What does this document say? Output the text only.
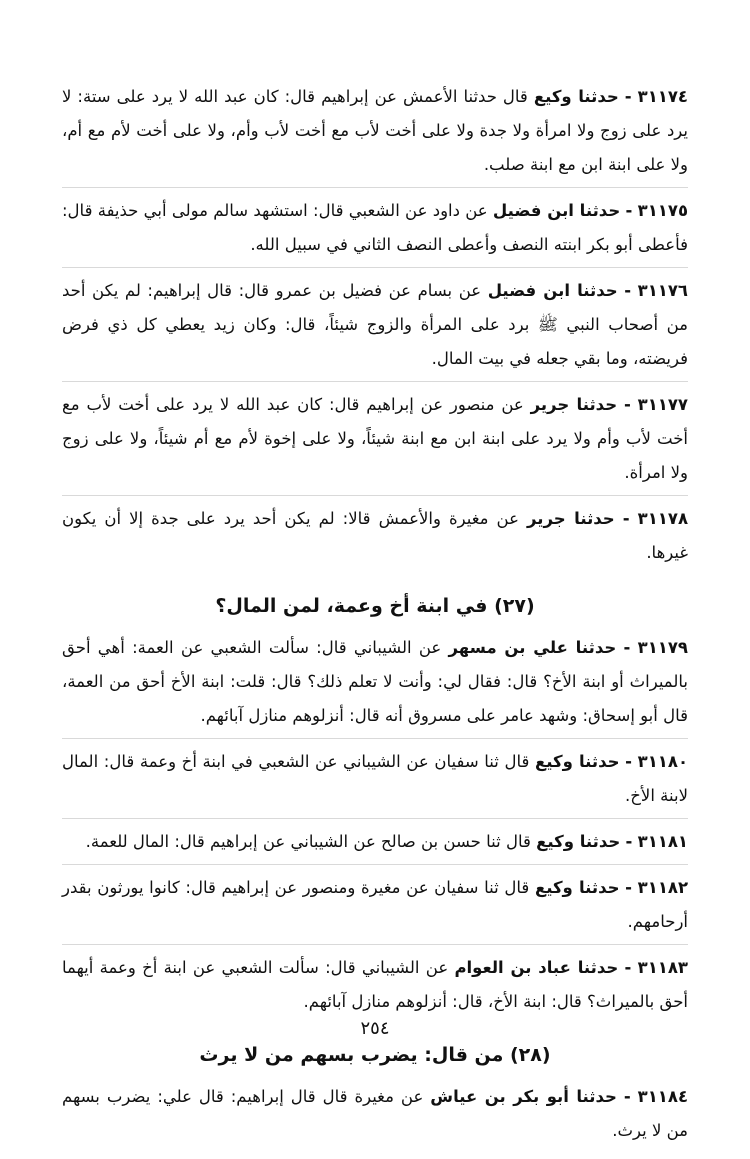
٣١١٧٤ - حدثنا وكيع قال حدثنا الأعمش عن إبراهيم قال: كان عبد الله لا يرد على ستة: لا يرد على زوج ولا امرأة ولا جدة ولا على أخت لأب مع أخت لأب وأم، ولا على أخت لأم مع أم، ولا على ابنة ابن مع ابنة صلب.

٣١١٧٥ - حدثنا ابن فضيل عن داود عن الشعبي قال: استشهد سالم مولى أبي حذيفة قال: فأعطى أبو بكر ابنته النصف وأعطى النصف الثاني في سبيل الله.

٣١١٧٦ - حدثنا ابن فضيل عن بسام عن فضيل بن عمرو قال: قال إبراهيم: لم يكن أحد من أصحاب النبي ﷺ برد على المرأة والزوج شيئاً، قال: وكان زيد يعطي كل ذي فرض فريضته، وما بقي جعله في بيت المال.

٣١١٧٧ - حدثنا جرير عن منصور عن إبراهيم قال: كان عبد الله لا يرد على أخت لأب مع أخت لأب وأم ولا يرد على ابنة ابن مع ابنة شيئاً، ولا على إخوة لأم مع أم شيئاً، ولا على زوج ولا امرأة.

٣١١٧٨ - حدثنا جرير عن مغيرة والأعمش قالا: لم يكن أحد يرد على جدة إلا أن يكون غيرها.

(٢٧) في ابنة أخ وعمة، لمن المال؟

٣١١٧٩ - حدثنا علي بن مسهر عن الشيباني قال: سألت الشعبي عن العمة: أهي أحق بالميراث أو ابنة الأخ؟ قال: فقال لي: وأنت لا تعلم ذلك؟ قال: قلت: ابنة الأخ أحق من العمة، قال أبو إسحاق: وشهد عامر على مسروق أنه قال: أنزلوهم منازل آبائهم.

٣١١٨٠ - حدثنا وكيع قال ثنا سفيان عن الشيباني عن الشعبي في ابنة أخ وعمة قال: المال لابنة الأخ.

٣١١٨١ - حدثنا وكيع قال ثنا حسن بن صالح عن الشيباني عن إبراهيم قال: المال للعمة.

٣١١٨٢ - حدثنا وكيع قال ثنا سفيان عن مغيرة ومنصور عن إبراهيم قال: كانوا يورثون بقدر أرحامهم.

٣١١٨٣ - حدثنا عباد بن العوام عن الشيباني قال: سألت الشعبي عن ابنة أخ وعمة أيهما أحق بالميراث؟ قال: ابنة الأخ، قال: أنزلوهم منازل آبائهم.

(٢٨) من قال: يضرب بسهم من لا يرث

٣١١٨٤ - حدثنا أبو بكر بن عياش عن مغيرة قال قال إبراهيم: قال علي: يضرب بسهم من لا يرث.

٢٥٤
